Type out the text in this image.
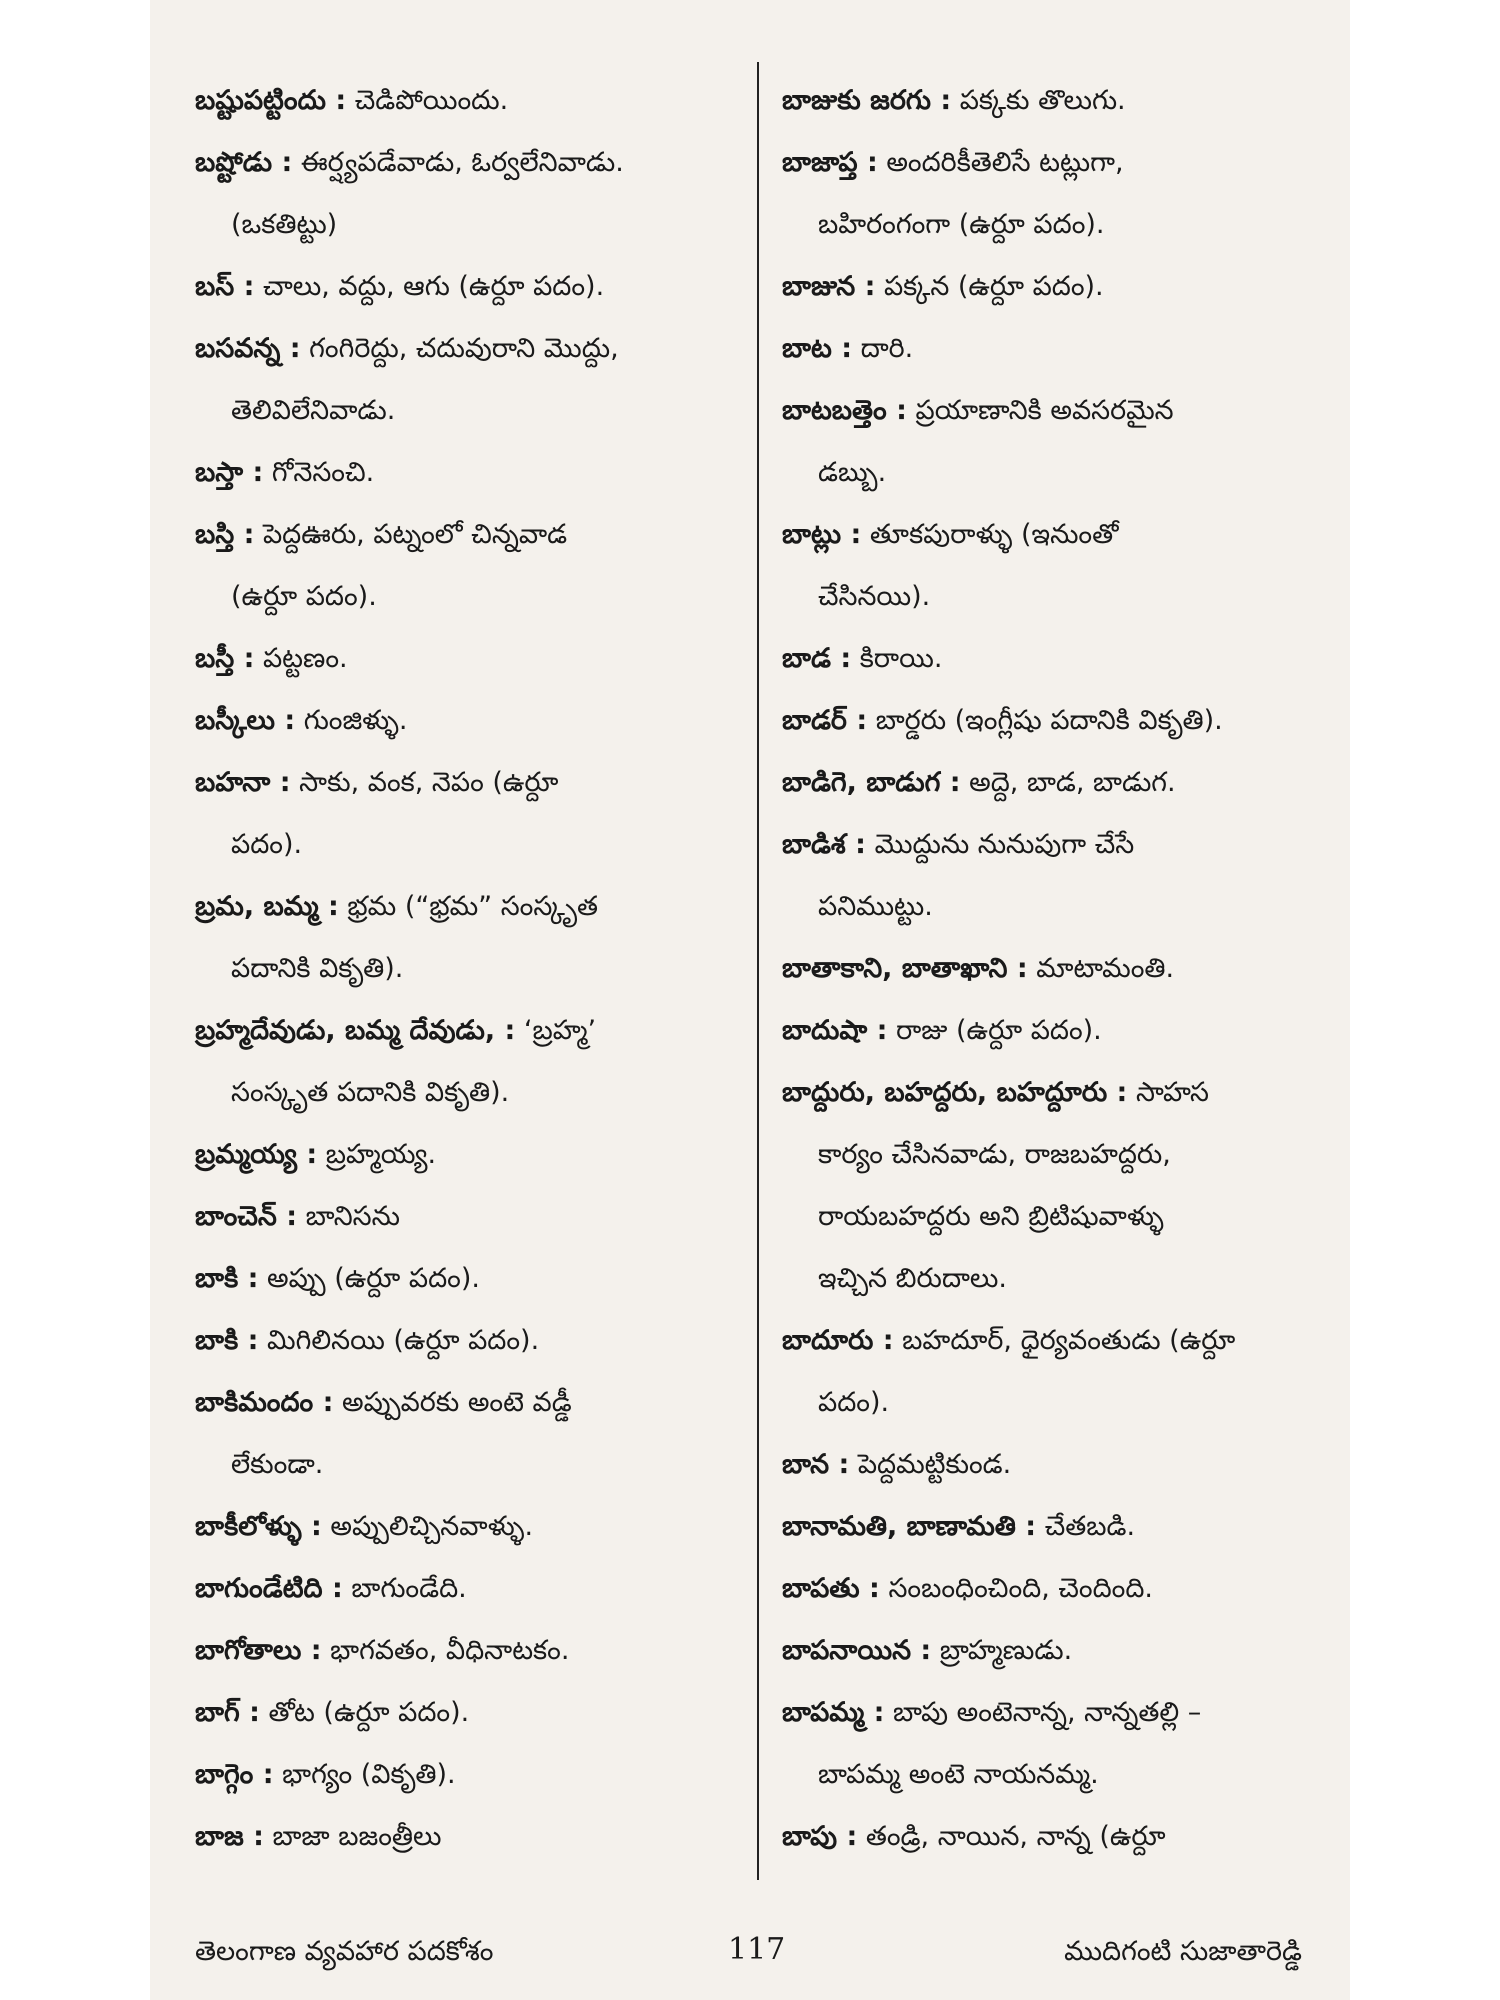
బష్టుపట్టిందు : చెడిపోయిందు.
బష్టోడు : ఈర్ష్యపడేవాడు, ఓర్వలేనివాడు.
(ఒకతిట్టు)
బస్ : చాలు, వద్దు, ఆగు (ఉర్దూ పదం).
బసవన్న : గంగిరెద్దు, చదువురాని మొద్దు,
తెలివిలేనివాడు.
బస్తా : గోనెసంచి.
బస్తి : పెద్దఊరు, పట్నంలో చిన్నవాడ
(ఉర్దూ పదం).
బస్తీ : పట్టణం.
బస్కీలు : గుంజిళ్ళు.
బహనా : సాకు, వంక, నెపం (ఉర్దూ
పదం).
బ్రమ, బమ్మ : భ్రమ (“భ్రమ” సంస్కృత
పదానికి వికృతి).
బ్రహ్మదేవుడు, బమ్మ దేవుడు, : ‘బ్రహ్మ’
సంస్కృత పదానికి వికృతి).
బ్రమ్మయ్య : బ్రహ్మయ్య.
బాంచెన్ : బానిసను
బాకి : అప్పు (ఉర్దూ పదం).
బాకి : మిగిలినయి (ఉర్దూ పదం).
బాకిమందం : అప్పువరకు అంటె వడ్డీ
లేకుండా.
బాకీలోళ్ళు : అప్పులిచ్చినవాళ్ళు.
బాగుండేటిది : బాగుండేది.
బాగోతాలు : భాగవతం, వీధినాటకం.
బాగ్ : తోట (ఉర్దూ పదం).
బాగ్గెం : భాగ్యం (వికృతి).
బాజ : బాజా బజంత్రీలు
బాజుకు జరగు : పక్కకు తొలుగు.
బాజాప్త : అందరికీతెలిసే టట్లుగా,
బహిరంగంగా (ఉర్దూ పదం).
బాజున : పక్కన (ఉర్దూ పదం).
బాట : దారి.
బాటబత్తెం : ప్రయాణానికి అవసరమైన
డబ్బు.
బాట్లు : తూకపురాళ్ళు (ఇనుంతో
చేసినయి).
బాడ : కిరాయి.
బాడర్ : బార్డరు (ఇంగ్లీషు పదానికి వికృతి).
బాడిగె, బాడుగ : అద్దె, బాడ, బాడుగ.
బాడిశ : మొద్దును నునుపుగా చేసే
పనిముట్టు.
బాతాకాని, బాతాఖాని : మాటామంతి.
బాదుషా : రాజు (ఉర్దూ పదం).
బాద్దురు, బహద్దరు, బహద్దూరు : సాహస
కార్యం చేసినవాడు, రాజబహద్దరు,
రాయబహద్దరు అని బ్రిటిషువాళ్ళు
ఇచ్చిన బిరుదాలు.
బాదూరు : బహదూర్, ధైర్యవంతుడు (ఉర్దూ
పదం).
బాన : పెద్దమట్టికుండ.
బానామతి, బాణామతి : చేతబడి.
బాపతు : సంబంధించింది, చెందింది.
బాపనాయిన : బ్రాహ్మణుడు.
బాపమ్మ : బాపు అంటెనాన్న, నాన్నతల్లి –
బాపమ్మ అంటె నాయనమ్మ.
బాపు : తండ్రి, నాయిన, నాన్న (ఉర్దూ
తెలంగాణ వ్యవహార పదకోశం	117	ముదిగంటి సుజాతారెడ్డి
